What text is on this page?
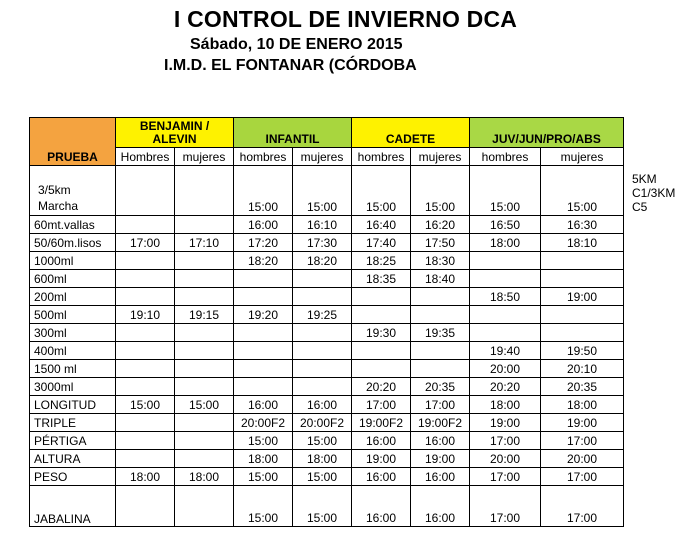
I CONTROL DE INVIERNO DCA
Sábado, 10 DE ENERO 2015
I.M.D. EL FONTANAR (CÓRDOBA
PRUEBA	BENJAMIN / ALEVIN		INFANTIL		CADETE		JUV/JUN/PRO/ABS	
	Hombres	mujeres	hombres	mujeres	hombres	mujeres	hombres	mujeres

3/5km
Marcha			15:00	15:00	15:00	15:00	15:00	15:00
60mt.vallas			16:00	16:10	16:40	16:20	16:50	16:30
50/60m.lisos	17:00	17:10	17:20	17:30	17:40	17:50	18:00	18:10
1000ml			18:20	18:20	18:25	18:30		
600ml					18:35	18:40		
200ml							18:50	19:00
500ml	19:10	19:15	19:20	19:25				
300ml					19:30	19:35		
400ml							19:40	19:50
1500 ml							20:00	20:10
3000ml					20:20	20:35	20:20	20:35
LONGITUD	15:00	15:00	16:00	16:00	17:00	17:00	18:00	18:00
TRIPLE			20:00F2	20:00F2	19:00F2	19:00F2	19:00	19:00
PÉRTIGA			15:00	15:00	16:00	16:00	17:00	17:00
ALTURA			18:00	18:00	19:00	19:00	20:00	20:00
PESO	18:00	18:00	15:00	15:00	16:00	16:00	17:00	17:00
JABALINA			15:00	15:00	16:00	16:00	17:00	17:00
5KM
C1/3KM
C5
